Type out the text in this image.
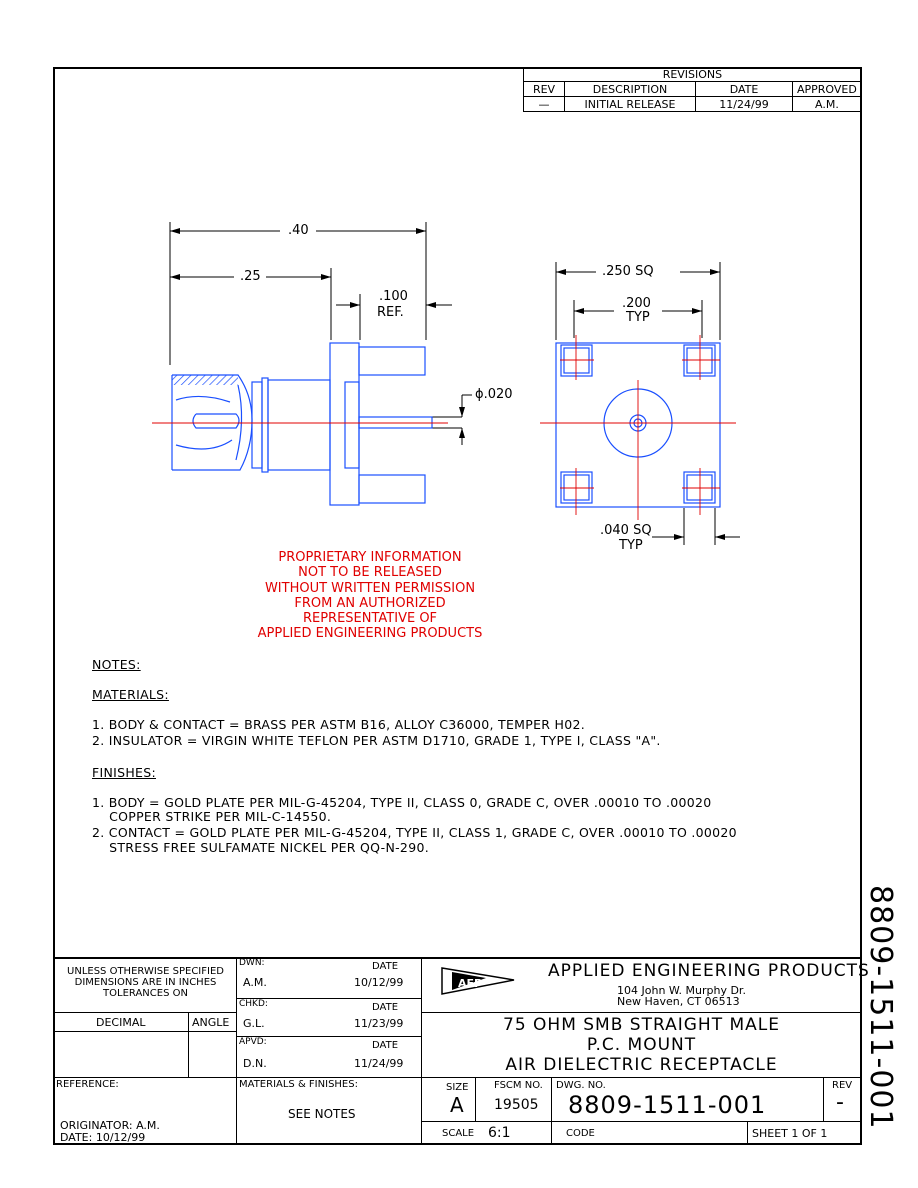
REVISIONS			
REV	DESCRIPTION	DATE	APPROVED
—	INITIAL RELEASE	11/24/99	A.M.
.40
.25
.100
REF.
ϕ.020
.250 SQ
.200
TYP
.040 SQ
TYP
PROPRIETARY INFORMATION
NOT TO BE RELEASED
WITHOUT WRITTEN PERMISSION
FROM AN AUTHORIZED
REPRESENTATIVE OF
APPLIED ENGINEERING PRODUCTS
NOTES:
MATERIALS:
1. BODY & CONTACT = BRASS PER ASTM B16, ALLOY C36000, TEMPER H02.
2. INSULATOR = VIRGIN WHITE TEFLON PER ASTM D1710, GRADE 1, TYPE I, CLASS "A".
FINISHES:
1. BODY = GOLD PLATE PER MIL-G-45204, TYPE II, CLASS 0, GRADE C, OVER .00010 TO .00020
COPPER STRIKE PER MIL-C-14550.
2. CONTACT = GOLD PLATE PER MIL-G-45204, TYPE II, CLASS 1, GRADE C, OVER .00010 TO .00020
STRESS FREE SULFAMATE NICKEL PER QQ-N-290.
UNLESS OTHERWISE SPECIFIED
DIMENSIONS ARE IN INCHES
TOLERANCES ON
DECIMAL	ANGLE
DWN:	DATE
A.M.	10/12/99
CHKD:	DATE
G.L.	11/23/99
APVD:	DATE
D.N.	11/24/99
AEP
APPLIED ENGINEERING PRODUCTS
104 John W. Murphy Dr.
New Haven, CT 06513
75 OHM SMB STRAIGHT MALE
P.C. MOUNT
AIR DIELECTRIC RECEPTACLE
REFERENCE:
ORIGINATOR: A.M.
DATE: 10/12/99
MATERIALS & FINISHES:
SEE NOTES
SIZE
A
FSCM NO.
19505
DWG. NO.
8809-1511-001
REV
-
SCALE 6:1	CODE	SHEET 1 OF 1
8809-1511-001
